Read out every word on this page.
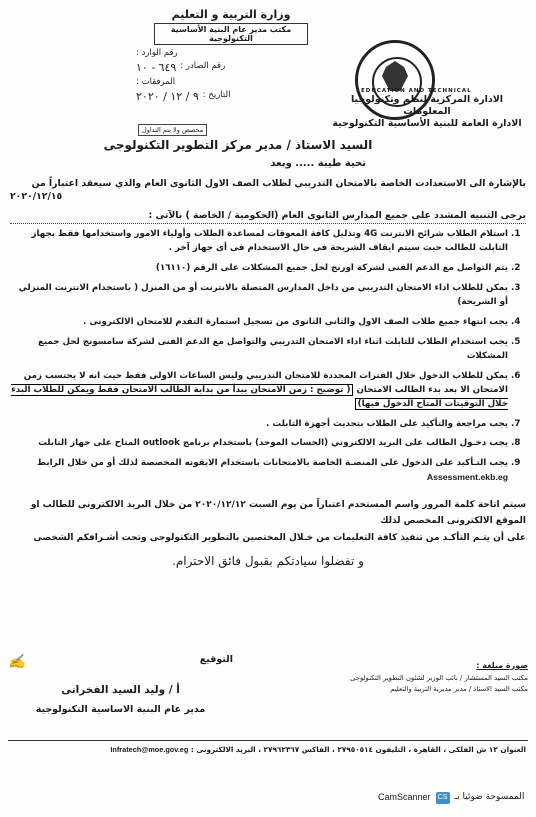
وزارة التربية و التعليم
مكتب مدير عام البنية الأساسية التكنولوجية
رقم الوارد :
رقم الصادر :
٦٤٩ - ١٠
المرفقات :
التاريخ :
٩ / ١٢ / ٢٠٢٠
مخصص ولا يتم التداول
EDUCATION AND TECHNICAL
الادارة المركزية لنظم وتكنولوجيا المعلومات
الادارة العامة للبنية الأساسية التكنولوجية
السيد الاستاذ / مدير مركز التطوير التكنولوجى
تحية طيبة ..... وبعد
بالإشارة الى الاستعدادت الخاصة بالامتحان التدريبي لطلاب الصف الاول الثانوى العام والذي سيعقد اعتباراً من
٢٠٢٠/١٢/١٥
برجى التنبيه المشدد على جميع المدارس الثانوى العام (الحكومية / الخاصة ) بالآتى :
1. استلام الطلاب شرائح الانترنت 4G وتذليل كافة المعوقات لمساعدة الطلاب وأولياء الامور واستخدامها فقط بجهاز التابلت للطالب حيث سيتم ايقاف الشريحة فى حال الاستخدام فى أى جهاز آخر .
2. يتم التواصل مع الدعم الفنى لشركة اورنج لحل جميع المشكلات على الرقم (١٦١١٠)
3. يمكن للطلاب اداء الامتحان التدريبي من داخل المدارس المتصلة بالانترنت أو من المنزل ( باستخدام الانترنت المنزلي أو الشريحة)
4. يجب انتهاء جميع طلاب الصف الاول والثانى الثانوى من تسجيل استمارة التقدم للامتحان الالكترونى .
5. يجب استخدام الطلاب للتابلت اثناء اداء الامتحان التدريبي والتواصل مع الدعم الفنى لشركة سامسونج لحل جميع المشكلات
6. يمكن للطلاب الدخول خلال الفترات المحددة للامتحان التدريبي وليس الساعات الاولى فقط حيث انه لا يحتسب زمن الامتحان الا بعد بدء الطالب الامتحان ( توضيح : زمن الامتحان يبدأ من بداية الطالب الامتحان فقط ويمكن للطلاب البدء خلال التوقيتات المتاح الدخول فيها)
7. يجب مراجعة والتأكيد على الطلاب بتحديث أجهزة التابلت .
8. يجب دخـول الطالب على البريد الالكتروني (الحساب الموحد) باستخدام برنامج outlook المتاح على جهاز التابلت
9. يجب التـأكيد على الدخول على المنصـة الخاصة بالامتحانات باستخدام الايقونه المخصصة لذلك أو من خلال الرابط Assessment.ekb.eg
سيتم اتاحة كلمة المرور واسم المستخدم اعتباراً من يوم السبت ٢٠٢٠/١٢/١٢ من خلال البريد الالكترونى للطالب او الموقع الالكترونى المخصص لذلك
على أن يتـم التأكـد من تنفيذ كافة التعليمات من خـلال المختصين بالتطوير التكنولوجى وتحت أشـرافكم الشخصى
و تفضلوا سيادتكم بقبول فائق الاحترام.
التوقيع
✍
أ / وليد السيد الفخرانى
مدير عام البنية الاساسية التكنولوجية
صورة مبلغة :
مكتب السيد المستشار / نائب الوزير لشئون التطوير التكنولوجى
مكتب السيد الاستاذ / مدير مديرية التربية والتعليم
العنوان ١٢ ش الفلكى ، القاهرة ، التليفون ٢٧٩٥٠٥١٤ ، الفاكس ٢٧٩٦٢٣٦٧ ، البريد الالكترونى : Infratech@moe.gov.eg
الممسوحة ضوئيا بـ
CS
CamScanner
